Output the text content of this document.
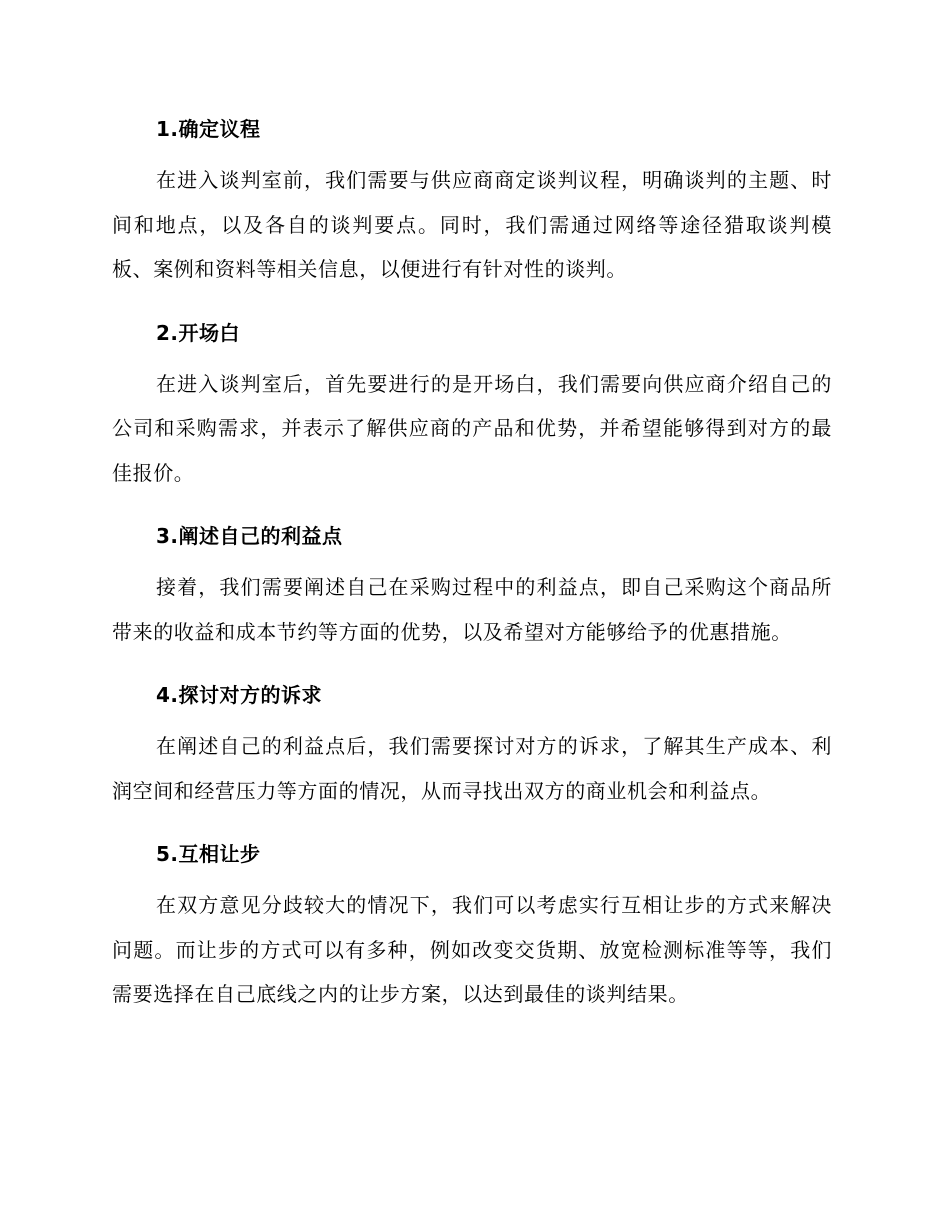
1.确定议程

在进入谈判室前，我们需要与供应商商定谈判议程，明确谈判的主题、时间和地点，以及各自的谈判要点。同时，我们需通过网络等途径猎取谈判模板、案例和资料等相关信息，以便进行有针对性的谈判。

2.开场白

在进入谈判室后，首先要进行的是开场白，我们需要向供应商介绍自己的公司和采购需求，并表示了解供应商的产品和优势，并希望能够得到对方的最佳报价。

3.阐述自己的利益点

接着，我们需要阐述自己在采购过程中的利益点，即自己采购这个商品所带来的收益和成本节约等方面的优势，以及希望对方能够给予的优惠措施。

4.探讨对方的诉求

在阐述自己的利益点后，我们需要探讨对方的诉求，了解其生产成本、利润空间和经营压力等方面的情况，从而寻找出双方的商业机会和利益点。

5.互相让步

在双方意见分歧较大的情况下，我们可以考虑实行互相让步的方式来解决问题。而让步的方式可以有多种，例如改变交货期、放宽检测标准等等，我们需要选择在自己底线之内的让步方案，以达到最佳的谈判结果。
